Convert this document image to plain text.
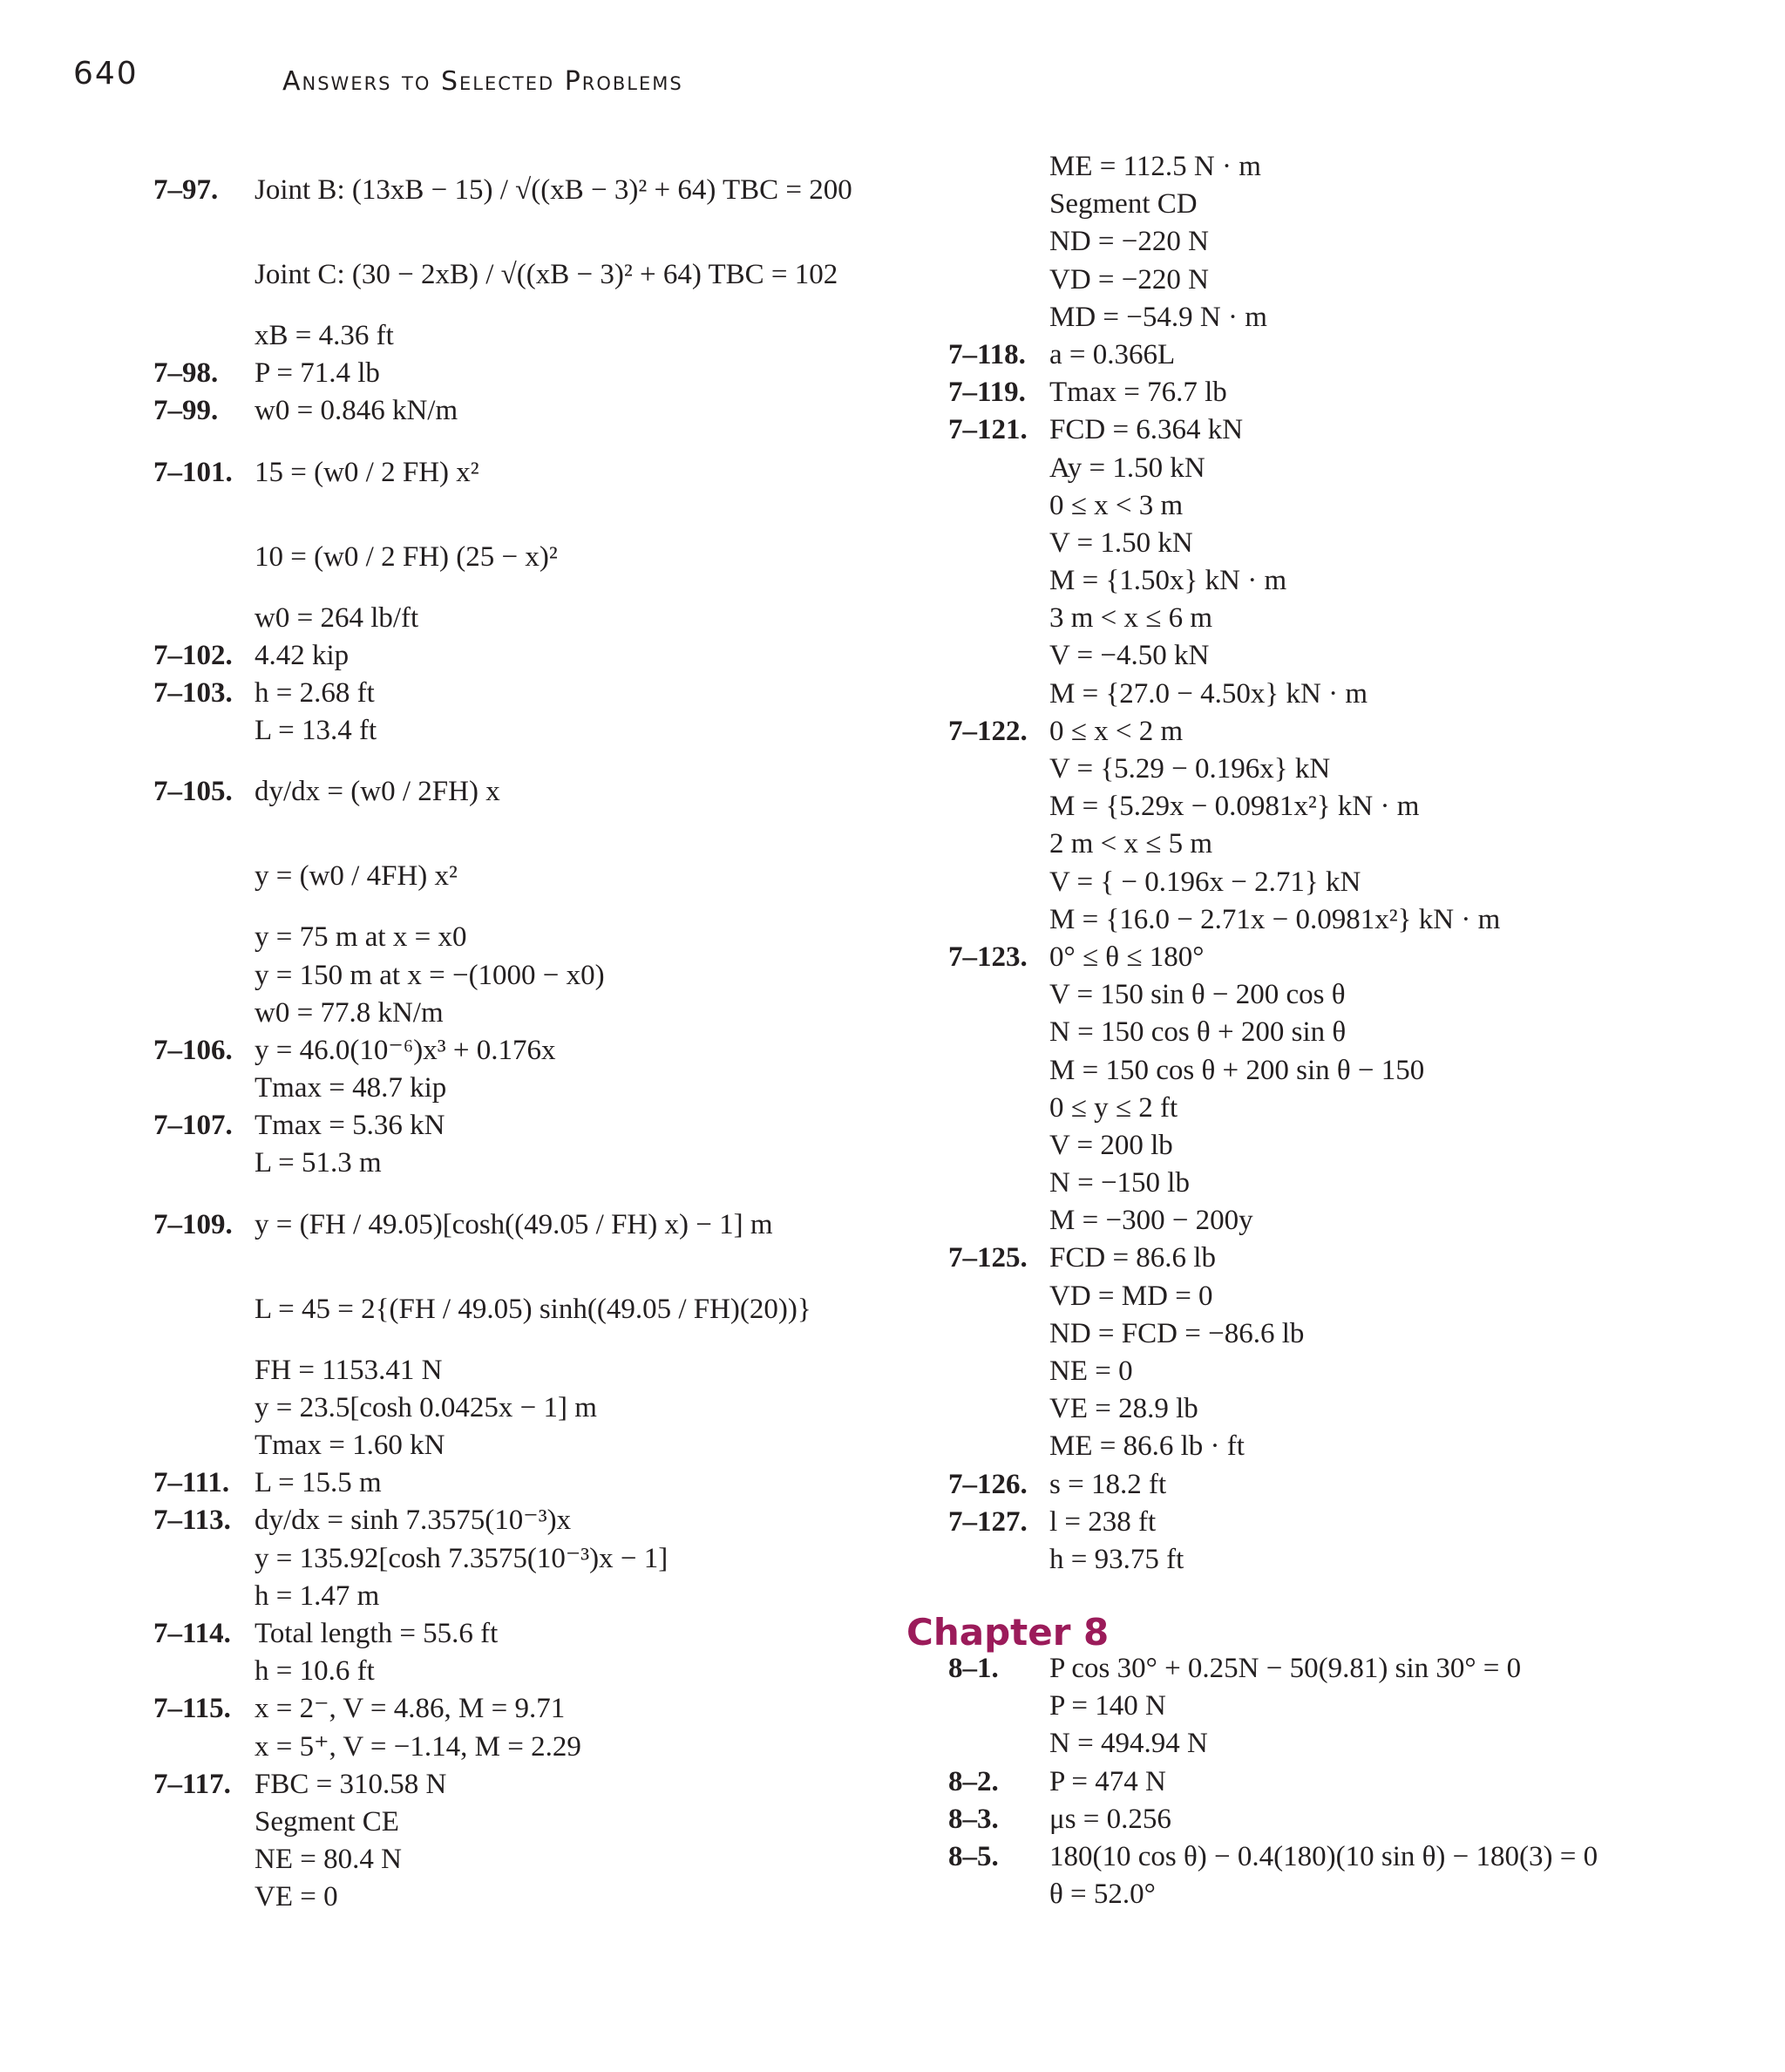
640	Answers to Selected Problems
7–97. Joint B: (13xB − 15) / √((xB − 3)² + 64) TBC = 200
Joint C: (30 − 2xB) / √((xB − 3)² + 64) TBC = 102
xB = 4.36 ft
7–98. P = 71.4 lb
7–99. w0 = 0.846 kN/m
7–101. 15 = (w0 / 2 FH) x²
10 = (w0 / 2 FH) (25 − x)²
w0 = 264 lb/ft
7–102. 4.42 kip
7–103. h = 2.68 ft
L = 13.4 ft
7–105. dy/dx = (w0 / 2FH) x
y = (w0 / 4FH) x²
y = 75 m at x = x0
y = 150 m at x = −(1000 − x0)
w0 = 77.8 kN/m
7–106. y = 46.0(10⁻⁶)x³ + 0.176x
Tmax = 48.7 kip
7–107. Tmax = 5.36 kN
L = 51.3 m
7–109. y = (FH / 49.05)[cosh((49.05 / FH) x) − 1] m
L = 45 = 2{(FH / 49.05) sinh((49.05 / FH)(20))}
FH = 1153.41 N
y = 23.5[cosh 0.0425x − 1] m
Tmax = 1.60 kN
7–111. L = 15.5 m
7–113. dy/dx = sinh 7.3575(10⁻³)x
y = 135.92[cosh 7.3575(10⁻³)x − 1]
h = 1.47 m
7–114. Total length = 55.6 ft
h = 10.6 ft
7–115. x = 2⁻, V = 4.86, M = 9.71
x = 5⁺, V = −1.14, M = 2.29
7–117. FBC = 310.58 N
Segment CE
NE = 80.4 N
VE = 0
ME = 112.5 N · m
Segment CD
ND = −220 N
VD = −220 N
MD = −54.9 N · m
7–118. a = 0.366L
7–119. Tmax = 76.7 lb
7–121. FCD = 6.364 kN
Ay = 1.50 kN
0 ≤ x < 3 m
V = 1.50 kN
M = {1.50x} kN · m
3 m < x ≤ 6 m
V = −4.50 kN
M = {27.0 − 4.50x} kN · m
7–122. 0 ≤ x < 2 m
V = {5.29 − 0.196x} kN
M = {5.29x − 0.0981x²} kN · m
2 m < x ≤ 5 m
V = { − 0.196x − 2.71} kN
M = {16.0 − 2.71x − 0.0981x²} kN · m
7–123. 0° ≤ θ ≤ 180°
V = 150 sin θ − 200 cos θ
N = 150 cos θ + 200 sin θ
M = 150 cos θ + 200 sin θ − 150
0 ≤ y ≤ 2 ft
V = 200 lb
N = −150 lb
M = −300 − 200y
7–125. FCD = 86.6 lb
VD = MD = 0
ND = FCD = −86.6 lb
NE = 0
VE = 28.9 lb
ME = 86.6 lb · ft
7–126. s = 18.2 ft
7–127. l = 238 ft
h = 93.75 ft
Chapter 8
8–1. P cos 30° + 0.25N − 50(9.81) sin 30° = 0
P = 140 N
N = 494.94 N
8–2. P = 474 N
8–3. μs = 0.256
8–5. 180(10 cos θ) − 0.4(180)(10 sin θ) − 180(3) = 0
θ = 52.0°
